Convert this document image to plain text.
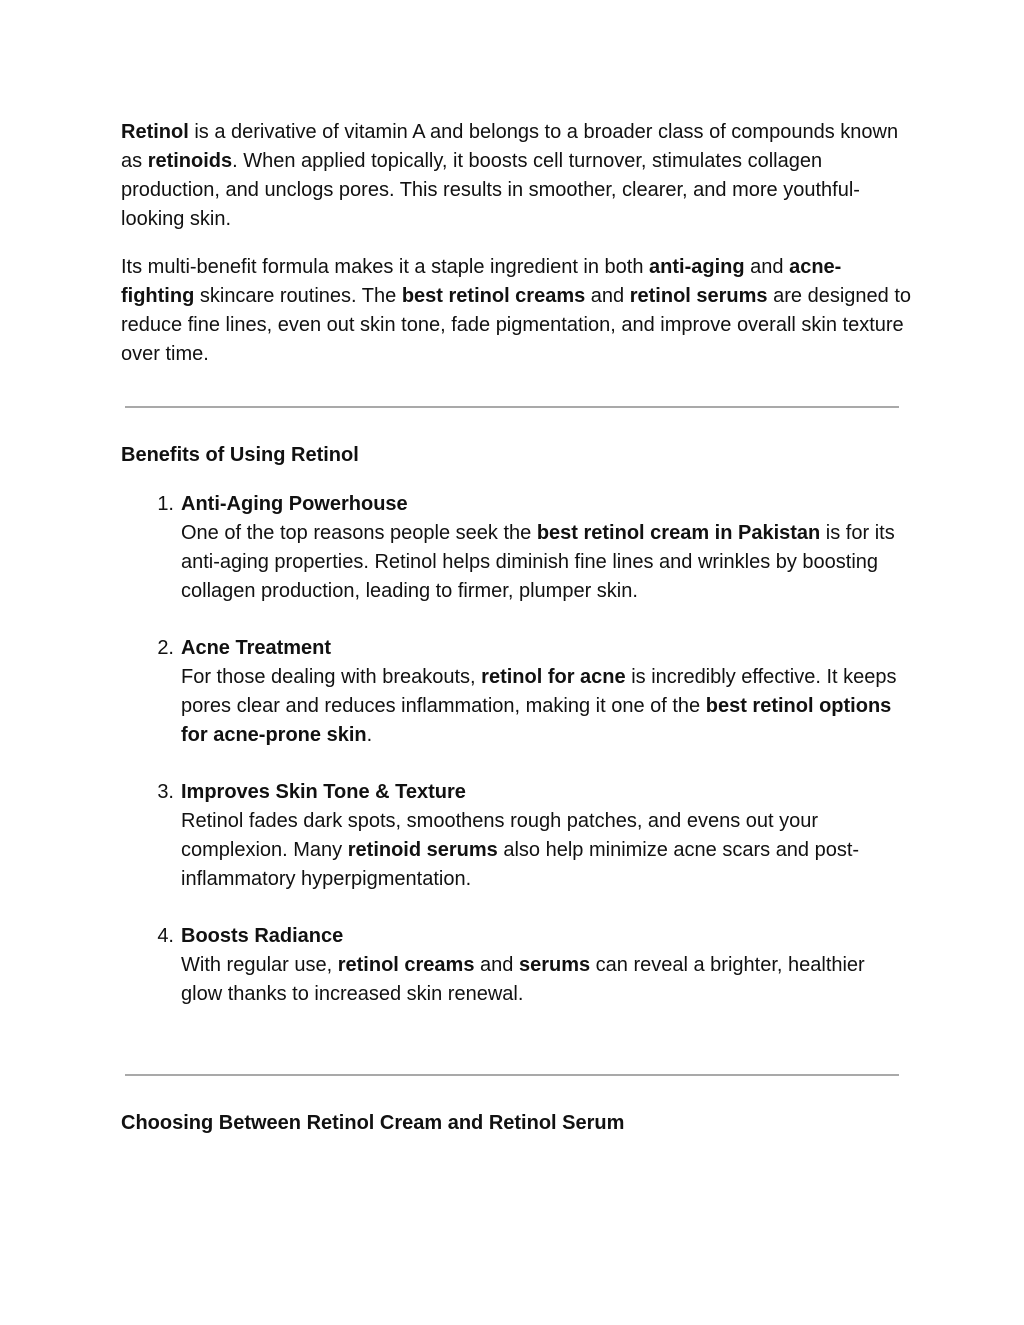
Retinol is a derivative of vitamin A and belongs to a broader class of compounds known as retinoids. When applied topically, it boosts cell turnover, stimulates collagen production, and unclogs pores. This results in smoother, clearer, and more youthful-looking skin.

Its multi-benefit formula makes it a staple ingredient in both anti-aging and acne-fighting skincare routines. The best retinol creams and retinol serums are designed to reduce fine lines, even out skin tone, fade pigmentation, and improve overall skin texture over time.

Benefits of Using Retinol
1. Anti-Aging Powerhouse
One of the top reasons people seek the best retinol cream in Pakistan is for its anti-aging properties. Retinol helps diminish fine lines and wrinkles by boosting collagen production, leading to firmer, plumper skin.
2. Acne Treatment
For those dealing with breakouts, retinol for acne is incredibly effective. It keeps pores clear and reduces inflammation, making it one of the best retinol options for acne-prone skin.
3. Improves Skin Tone & Texture
Retinol fades dark spots, smoothens rough patches, and evens out your complexion. Many retinoid serums also help minimize acne scars and post-inflammatory hyperpigmentation.
4. Boosts Radiance
With regular use, retinol creams and serums can reveal a brighter, healthier glow thanks to increased skin renewal.
Choosing Between Retinol Cream and Retinol Serum
